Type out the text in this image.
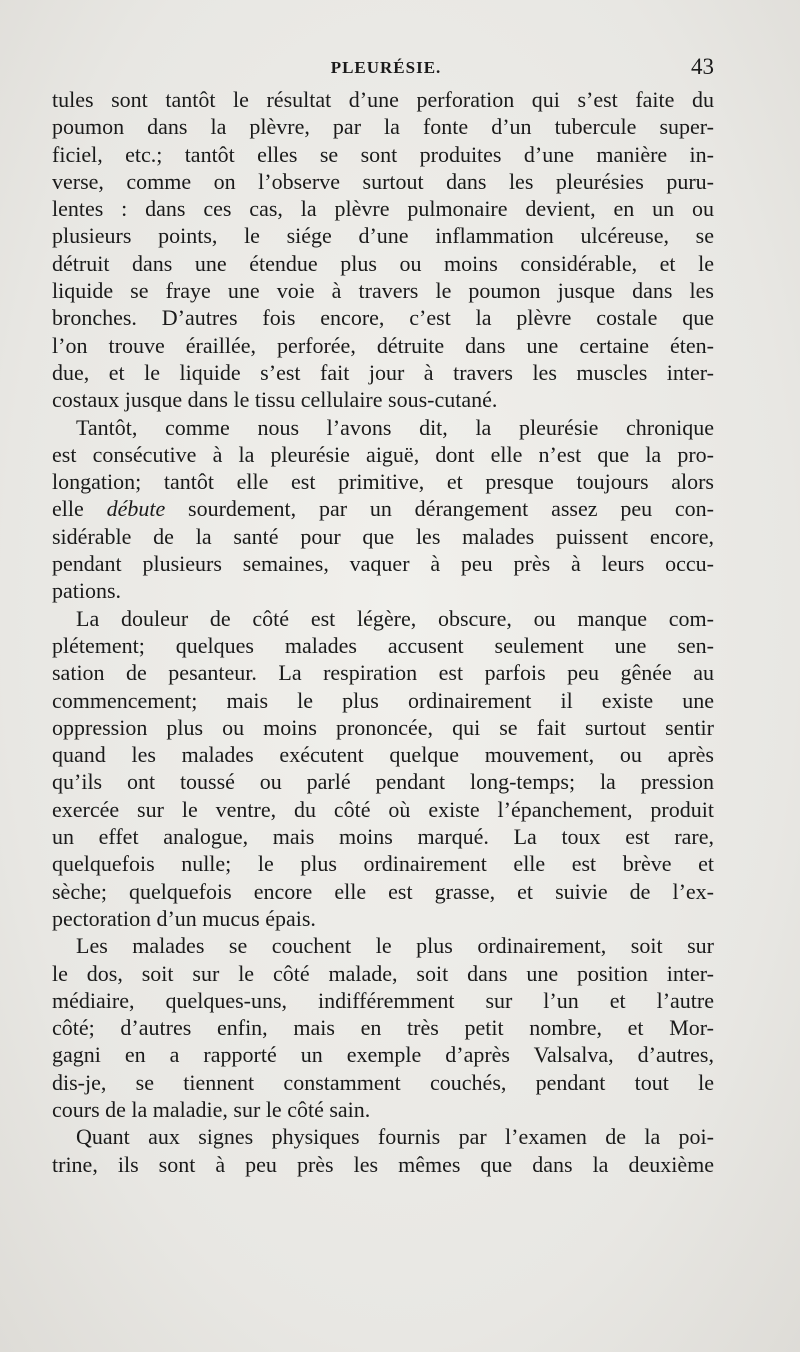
PLEURÉSIE.	43
tules sont tantôt le résultat d’une perforation qui s’est faite du
poumon dans la plèvre, par la fonte d’un tubercule super-
ficiel, etc.; tantôt elles se sont produites d’une manière in-
verse, comme on l’observe surtout dans les pleurésies puru-
lentes : dans ces cas, la plèvre pulmonaire devient, en un ou
plusieurs points, le siége d’une inflammation ulcéreuse, se
détruit dans une étendue plus ou moins considérable, et le
liquide se fraye une voie à travers le poumon jusque dans les
bronches. D’autres fois encore, c’est la plèvre costale que
l’on trouve éraillée, perforée, détruite dans une certaine éten-
due, et le liquide s’est fait jour à travers les muscles inter-
costaux jusque dans le tissu cellulaire sous-cutané.
Tantôt, comme nous l’avons dit, la pleurésie chronique
est consécutive à la pleurésie aiguë, dont elle n’est que la pro-
longation; tantôt elle est primitive, et presque toujours alors
elle débute sourdement, par un dérangement assez peu con-
sidérable de la santé pour que les malades puissent encore,
pendant plusieurs semaines, vaquer à peu près à leurs occu-
pations.
La douleur de côté est légère, obscure, ou manque com-
plétement; quelques malades accusent seulement une sen-
sation de pesanteur. La respiration est parfois peu gênée au
commencement; mais le plus ordinairement il existe une
oppression plus ou moins prononcée, qui se fait surtout sentir
quand les malades exécutent quelque mouvement, ou après
qu’ils ont toussé ou parlé pendant long-temps; la pression
exercée sur le ventre, du côté où existe l’épanchement, produit
un effet analogue, mais moins marqué. La toux est rare,
quelquefois nulle; le plus ordinairement elle est brève et
sèche; quelquefois encore elle est grasse, et suivie de l’ex-
pectoration d’un mucus épais.
Les malades se couchent le plus ordinairement, soit sur
le dos, soit sur le côté malade, soit dans une position inter-
médiaire, quelques-uns, indifféremment sur l’un et l’autre
côté; d’autres enfin, mais en très petit nombre, et Mor-
gagni en a rapporté un exemple d’après Valsalva, d’autres,
dis-je, se tiennent constamment couchés, pendant tout le
cours de la maladie, sur le côté sain.
Quant aux signes physiques fournis par l’examen de la poi-
trine, ils sont à peu près les mêmes que dans la deuxième
